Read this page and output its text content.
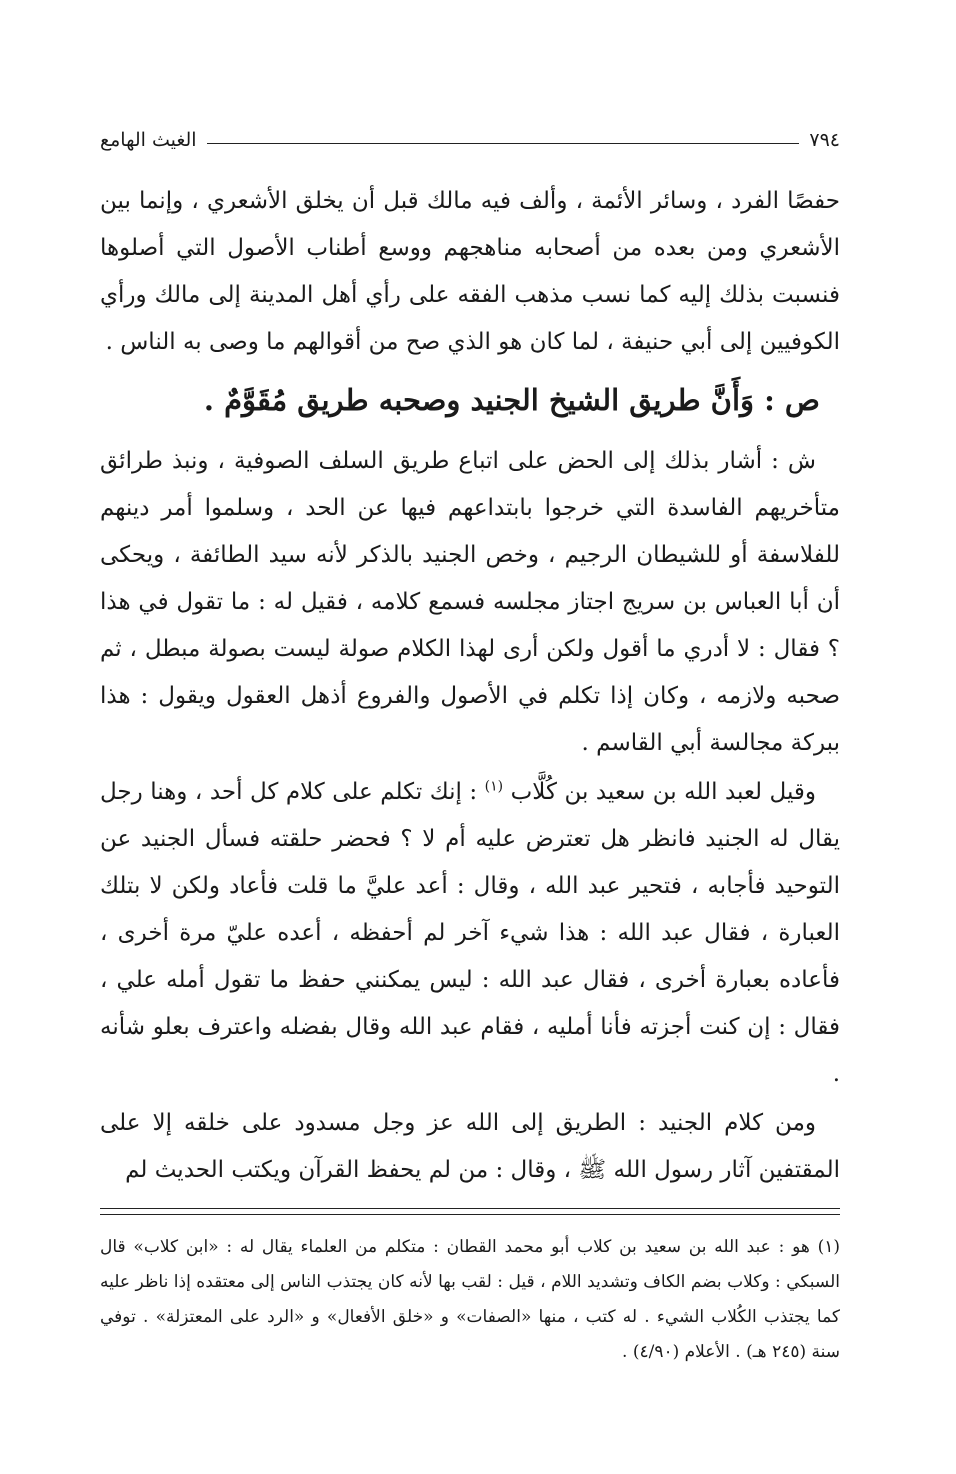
٧٩٤
الغيث الهامع

حفصًا الفرد ، وسائر الأئمة ، وألف فيه مالك قبل أن يخلق الأشعري ، وإنما بين الأشعري ومن بعده من أصحابه مناهجهم ووسع أطناب الأصول التي أصلوها فنسبت بذلك إليه كما نسب مذهب الفقه على رأي أهل المدينة إلى مالك ورأي الكوفيين إلى أبي حنيفة ، لما كان هو الذي صح من أقوالهم ما وصى به الناس .

ص : وَأَنَّ طريق الشيخ الجنيد وصحبه طريق مُقَوَّمٌ .

ش : أشار بذلك إلى الحض على اتباع طريق السلف الصوفية ، ونبذ طرائق متأخريهم الفاسدة التي خرجوا بابتداعهم فيها عن الحد ، وسلموا أمر دينهم للفلاسفة أو للشيطان الرجيم ، وخص الجنيد بالذكر لأنه سيد الطائفة ، ويحكى أن أبا العباس بن سريج اجتاز مجلسه فسمع كلامه ، فقيل له : ما تقول في هذا ؟ فقال : لا أدري ما أقول ولكن أرى لهذا الكلام صولة ليست بصولة مبطل ، ثم صحبه ولازمه ، وكان إذا تكلم في الأصول والفروع أذهل العقول ويقول : هذا ببركة مجالسة أبي القاسم .

وقيل لعبد الله بن سعيد بن كُلَّاب $^{(١)}$ : إنك تكلم على كلام كل أحد ، وهنا رجل يقال له الجنيد فانظر هل تعترض عليه أم لا ؟ فحضر حلقته فسأل الجنيد عن التوحيد فأجابه ، فتحير عبد الله ، وقال : أعد عليَّ ما قلت فأعاد ولكن لا بتلك العبارة ، فقال عبد الله : هذا شيء آخر لم أحفظه ، أعده عليّ مرة أخرى ، فأعاده بعبارة أخرى ، فقال عبد الله : ليس يمكنني حفظ ما تقول أمله علي ، فقال : إن كنت أجزته فأنا أمليه ، فقام عبد الله وقال بفضله واعترف بعلو شأنه .

ومن كلام الجنيد : الطريق إلى الله عز وجل مسدود على خلقه إلا على المقتفين آثار رسول الله ﷺ ، وقال : من لم يحفظ القرآن ويكتب الحديث لم

(١) هو : عبد الله بن سعيد بن كلاب أبو محمد القطان : متكلم من العلماء يقال له : «ابن كلاب» قال السبكي : وكلاب بضم الكاف وتشديد اللام ، قيل : لقب بها لأنه كان يجتذب الناس إلى معتقده إذا ناظر عليه كما يجتذب الكُلاب الشيء . له كتب ، منها «الصفات» و «خلق الأفعال» و «الرد على المعتزلة» . توفي سنة (٢٤٥ هـ) . الأعلام (٤/٩٠) .
